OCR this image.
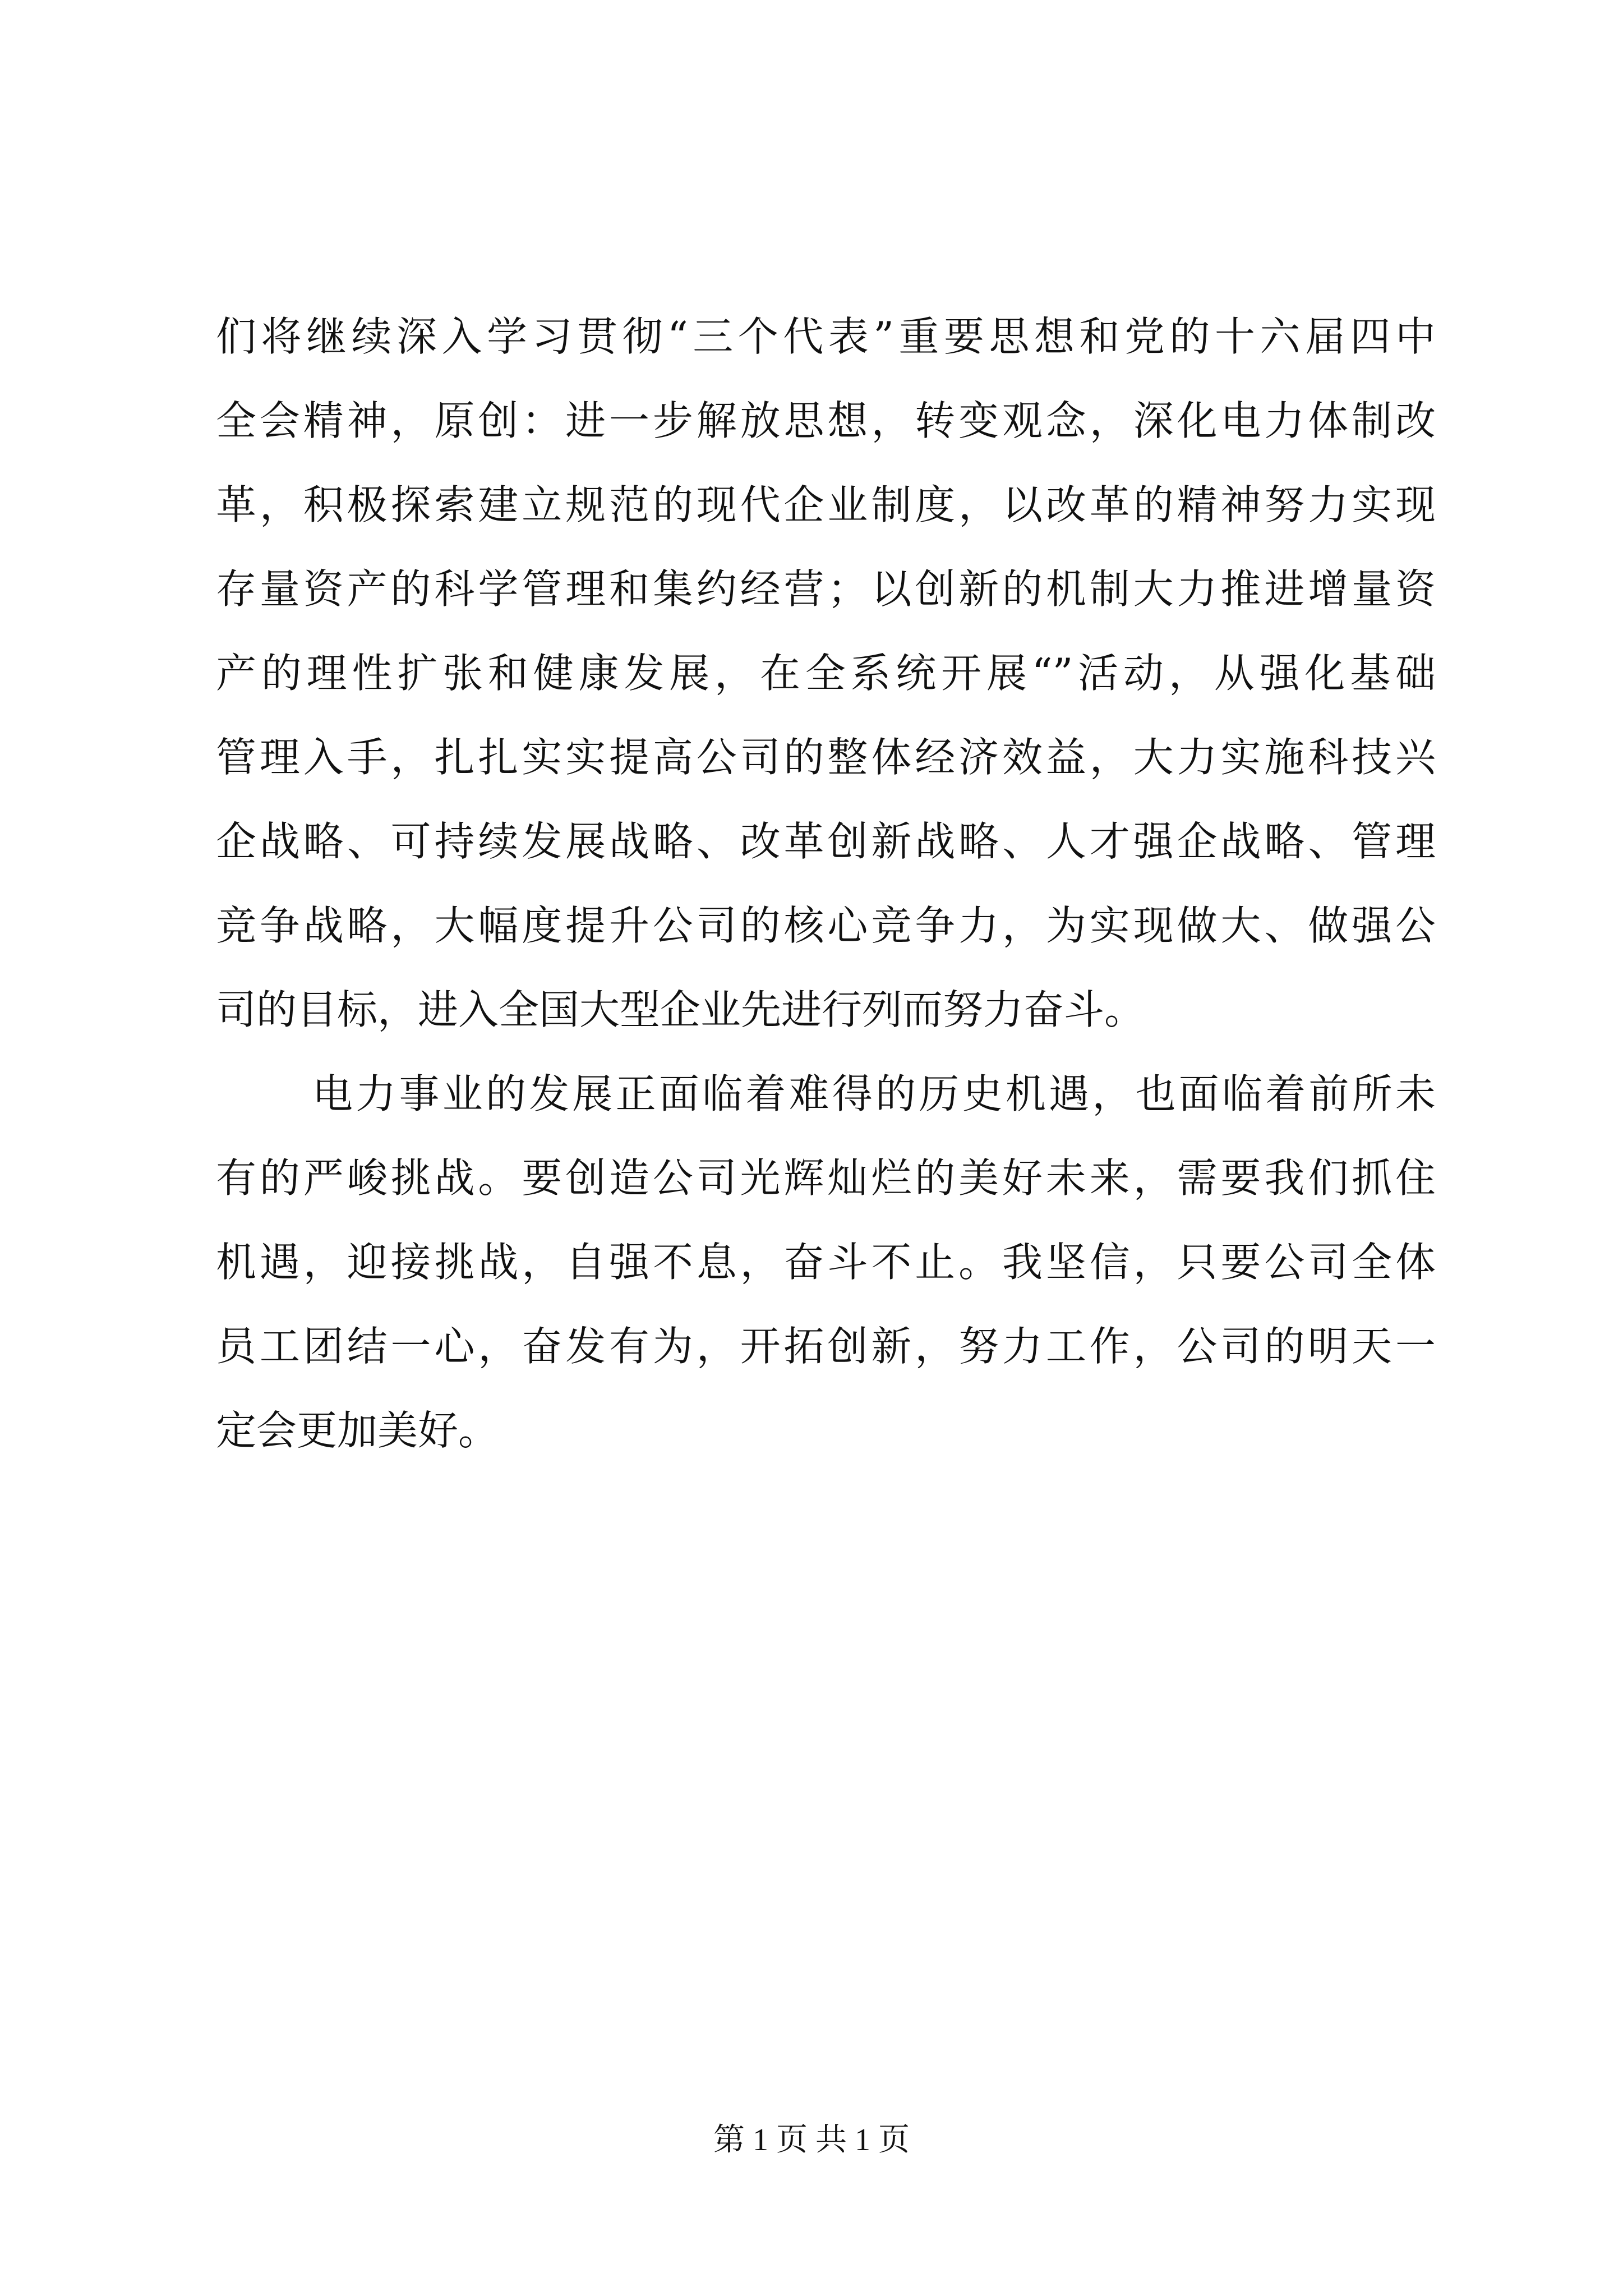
们将继续深入学习贯彻“三个代表”重要思想和党的十六届四中
全会精神，原创：进一步解放思想，转变观念，深化电力体制改
革，积极探索建立规范的现代企业制度，以改革的精神努力实现
存量资产的科学管理和集约经营；以创新的机制大力推进增量资
产的理性扩张和健康发展，在全系统开展“”活动，从强化基础
管理入手，扎扎实实提高公司的整体经济效益，大力实施科技兴
企战略、可持续发展战略、改革创新战略、人才强企战略、管理
竞争战略，大幅度提升公司的核心竞争力，为实现做大、做强公
司的目标，进入全国大型企业先进行列而努力奋斗。
电力事业的发展正面临着难得的历史机遇，也面临着前所未
有的严峻挑战。要创造公司光辉灿烂的美好未来，需要我们抓住
机遇，迎接挑战，自强不息，奋斗不止。我坚信，只要公司全体
员工团结一心，奋发有为，开拓创新，努力工作，公司的明天一
定会更加美好。
第 1 页 共 1 页
